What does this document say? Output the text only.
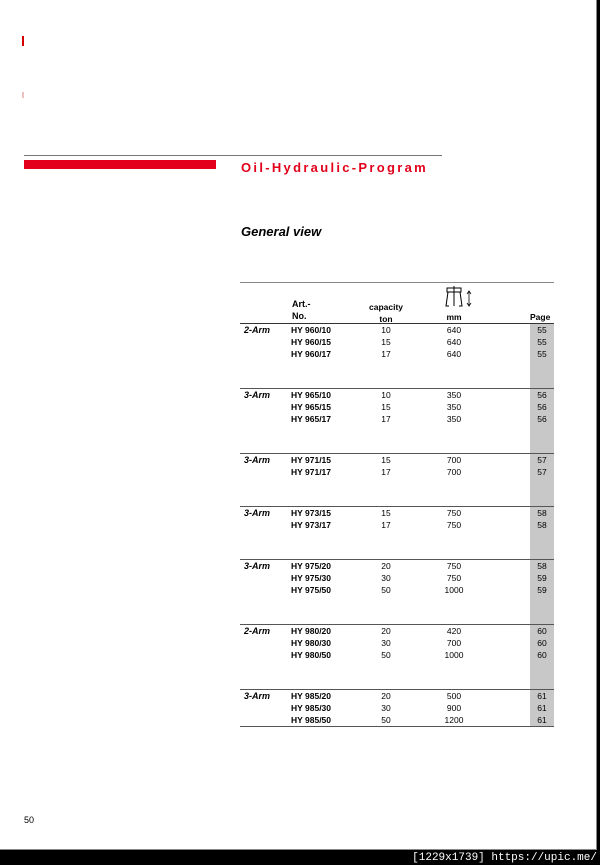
Oil-Hydraulic-Program
General view
Art.-
No.
capacity
ton	mm	Page
2-Arm HY 960/10	10	640	55
HY 960/15	15	640	55
HY 960/17	17	640	55
3-Arm HY 965/10	10	350	56
HY 965/15	15	350	56
HY 965/17	17	350	56
3-Arm HY 971/15	15	700	57
HY 971/17	17	700	57
3-Arm HY 973/15	15	750	58
HY 973/17	17	750	58
3-Arm HY 975/20	20	750	58
HY 975/30	30	750	59
HY 975/50	50	1000	59
2-Arm HY 980/20	20	420	60
HY 980/30	30	700	60
HY 980/50	50	1000	60
3-Arm HY 985/20	20	500	61
HY 985/30	30	900	61
HY 985/50	50	1200	61
50
[1229x1739] https://upic.me/
